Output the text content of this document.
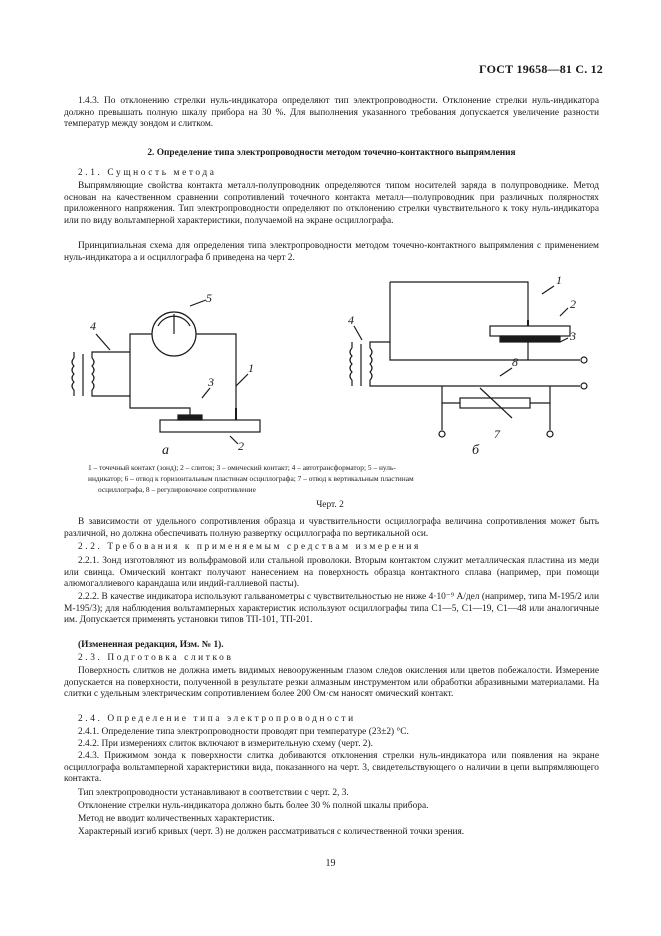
ГОСТ 19658—81 С. 12
1.4.3. По отклонению стрелки нуль-индикатора определяют тип электропроводности. Отклонение стрелки нуль-индикатора должно превышать полную шкалу прибора на 30 %. Для выполнения указанного требования допускается увеличение разности температур между зондом и слитком.
2. Определение типа электропроводности методом точечно-контактного выпрямления
2.1. Сущность метода
Выпрямляющие свойства контакта металл-полупроводник определяются типом носителей заряда в полупроводнике. Метод основан на качественном сравнении сопротивлений точечного контакта металл—полупроводник при различных полярностях приложенного напряжения. Тип электропроводности определяют по отклонению стрелки чувствительного к току нуль-индикатора или по виду вольтамперной характеристики, получаемой на экране осциллографа.
Принципиальная схема для определения типа электропроводности методом точечно-контактного выпрямления с применением нуль-индикатора а и осциллографа б приведена на черт 2.
4
5
1
3
2
а
1
2
3
4
8
7
б
1 – точечный контакт (зонд); 2 – слиток; 3 – омический контакт; 4 – автотрансформатор; 5 – нуль-
индикатор; 6 – отвод к горизонтальным пластинам осциллографа; 7 – отвод к вертикальным пластинам
осциллографа, 8 – регулировочное сопротивление
Черт. 2
В зависимости от удельного сопротивления образца и чувствительности осциллографа величина сопротивления может быть различной, но должна обеспечивать полную развертку осциллографа по вертикальной оси.
2.2. Требования к применяемым средствам измерения
2.2.1. Зонд изготовляют из вольфрамовой или стальной проволоки. Вторым контактом служит металлическая пластина из меди или свинца. Омический контакт получают нанесением на поверхность образца контактного сплава (например, при помощи алюмогаллиевого карандаша или индий-галлиевой пасты).
2.2.2. В качестве индикатора используют гальванометры с чувствительностью не ниже 4·10⁻⁹ А/дел (например, типа М-195/2 или М-195/3); для наблюдения вольтамперных характеристик используют осциллографы типа С1—5, С1—19, С1—48 или аналогичные им. Допускается применять установки типов ТП-101, ТП-201.
(Измененная редакция, Изм. № 1).
2.3. Подготовка слитков
Поверхность слитков не должна иметь видимых невооруженным глазом следов окисления или цветов побежалости. Измерение допускается на поверхности, полученной в результате резки алмазным инструментом или обработки абразивными материалами. На слитки с удельным электрическим сопротивлением более 200 Ом·см наносят омический контакт.
2.4. Определение типа электропроводности
2.4.1. Определение типа электропроводности проводят при температуре (23±2) °С.
2.4.2. При измерениях слиток включают в измерительную схему (черт. 2).
2.4.3. Прижимом зонда к поверхности слитка добиваются отклонения стрелки нуль-индикатора или появления на экране осциллографа вольтамперной характеристики вида, показанного на черт. 3, свидетельствующего о наличии в цепи выпрямляющего контакта.
Тип электропроводности устанавливают в соответствии с черт. 2, 3.
Отклонение стрелки нуль-индикатора должно быть более 30 % полной шкалы прибора.
Метод не вводит количественных характеристик.
Характерный изгиб кривых (черт. 3) не должен рассматриваться с количественной точки зрения.
19
